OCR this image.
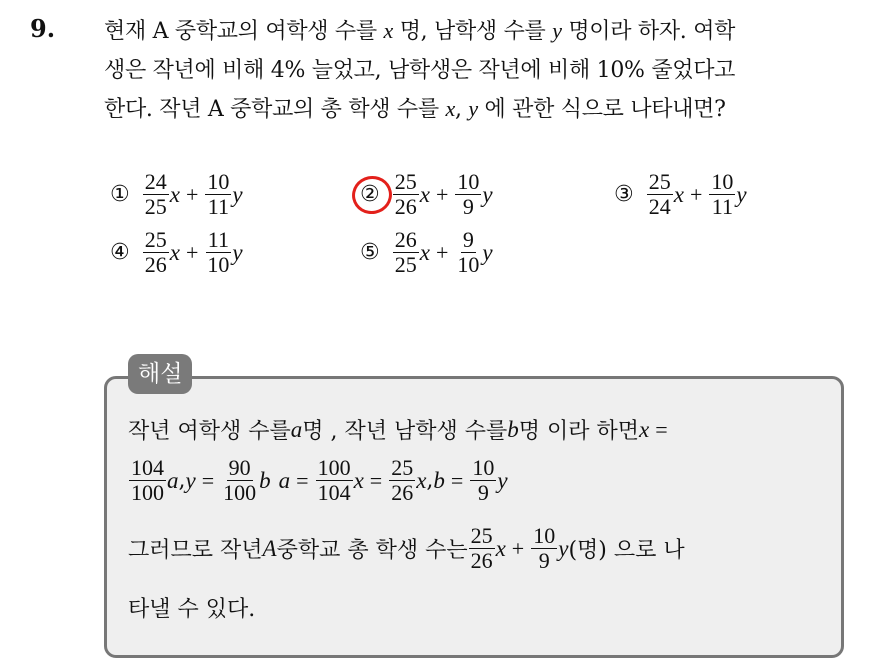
9. 현재 A 중학교의 여학생 수를 x 명, 남학생 수를 y 명이라 하자. 여학
생은 작년에 비해 4% 늘었고, 남학생은 작년에 비해 10% 줄었다고
한다. 작년 A 중학교의 총 학생 수를 x, y 에 관한 식으로 나타내면?
① $\frac{24}{25}$ $x + \frac{10}{11}$ y	② $\frac{25}{26}$ $x + \frac{10}{9}$ y	③ $\frac{25}{24}$ $x + \frac{10}{11}$ y
④ $\frac{25}{26}$ $x + \frac{11}{10}$ y	⑤ $\frac{26}{25}$ $x + \frac{9}{10}$ y
해설
작년 여학생 수를 a 명 , 작년 남학생 수를 b 명 이라 하면 x =
$\frac{104}{100}$ a , $y = \frac{90}{100}$ b $a = \frac{100}{104}$ $x = \frac{25}{26}$ x , $b = \frac{10}{9}$ y
그러므로 작년 A 중학교 총 학생 수는 $\frac{25}{26}$ $x + \frac{10}{9}$ y (명) 으로 나
타낼 수 있다.
